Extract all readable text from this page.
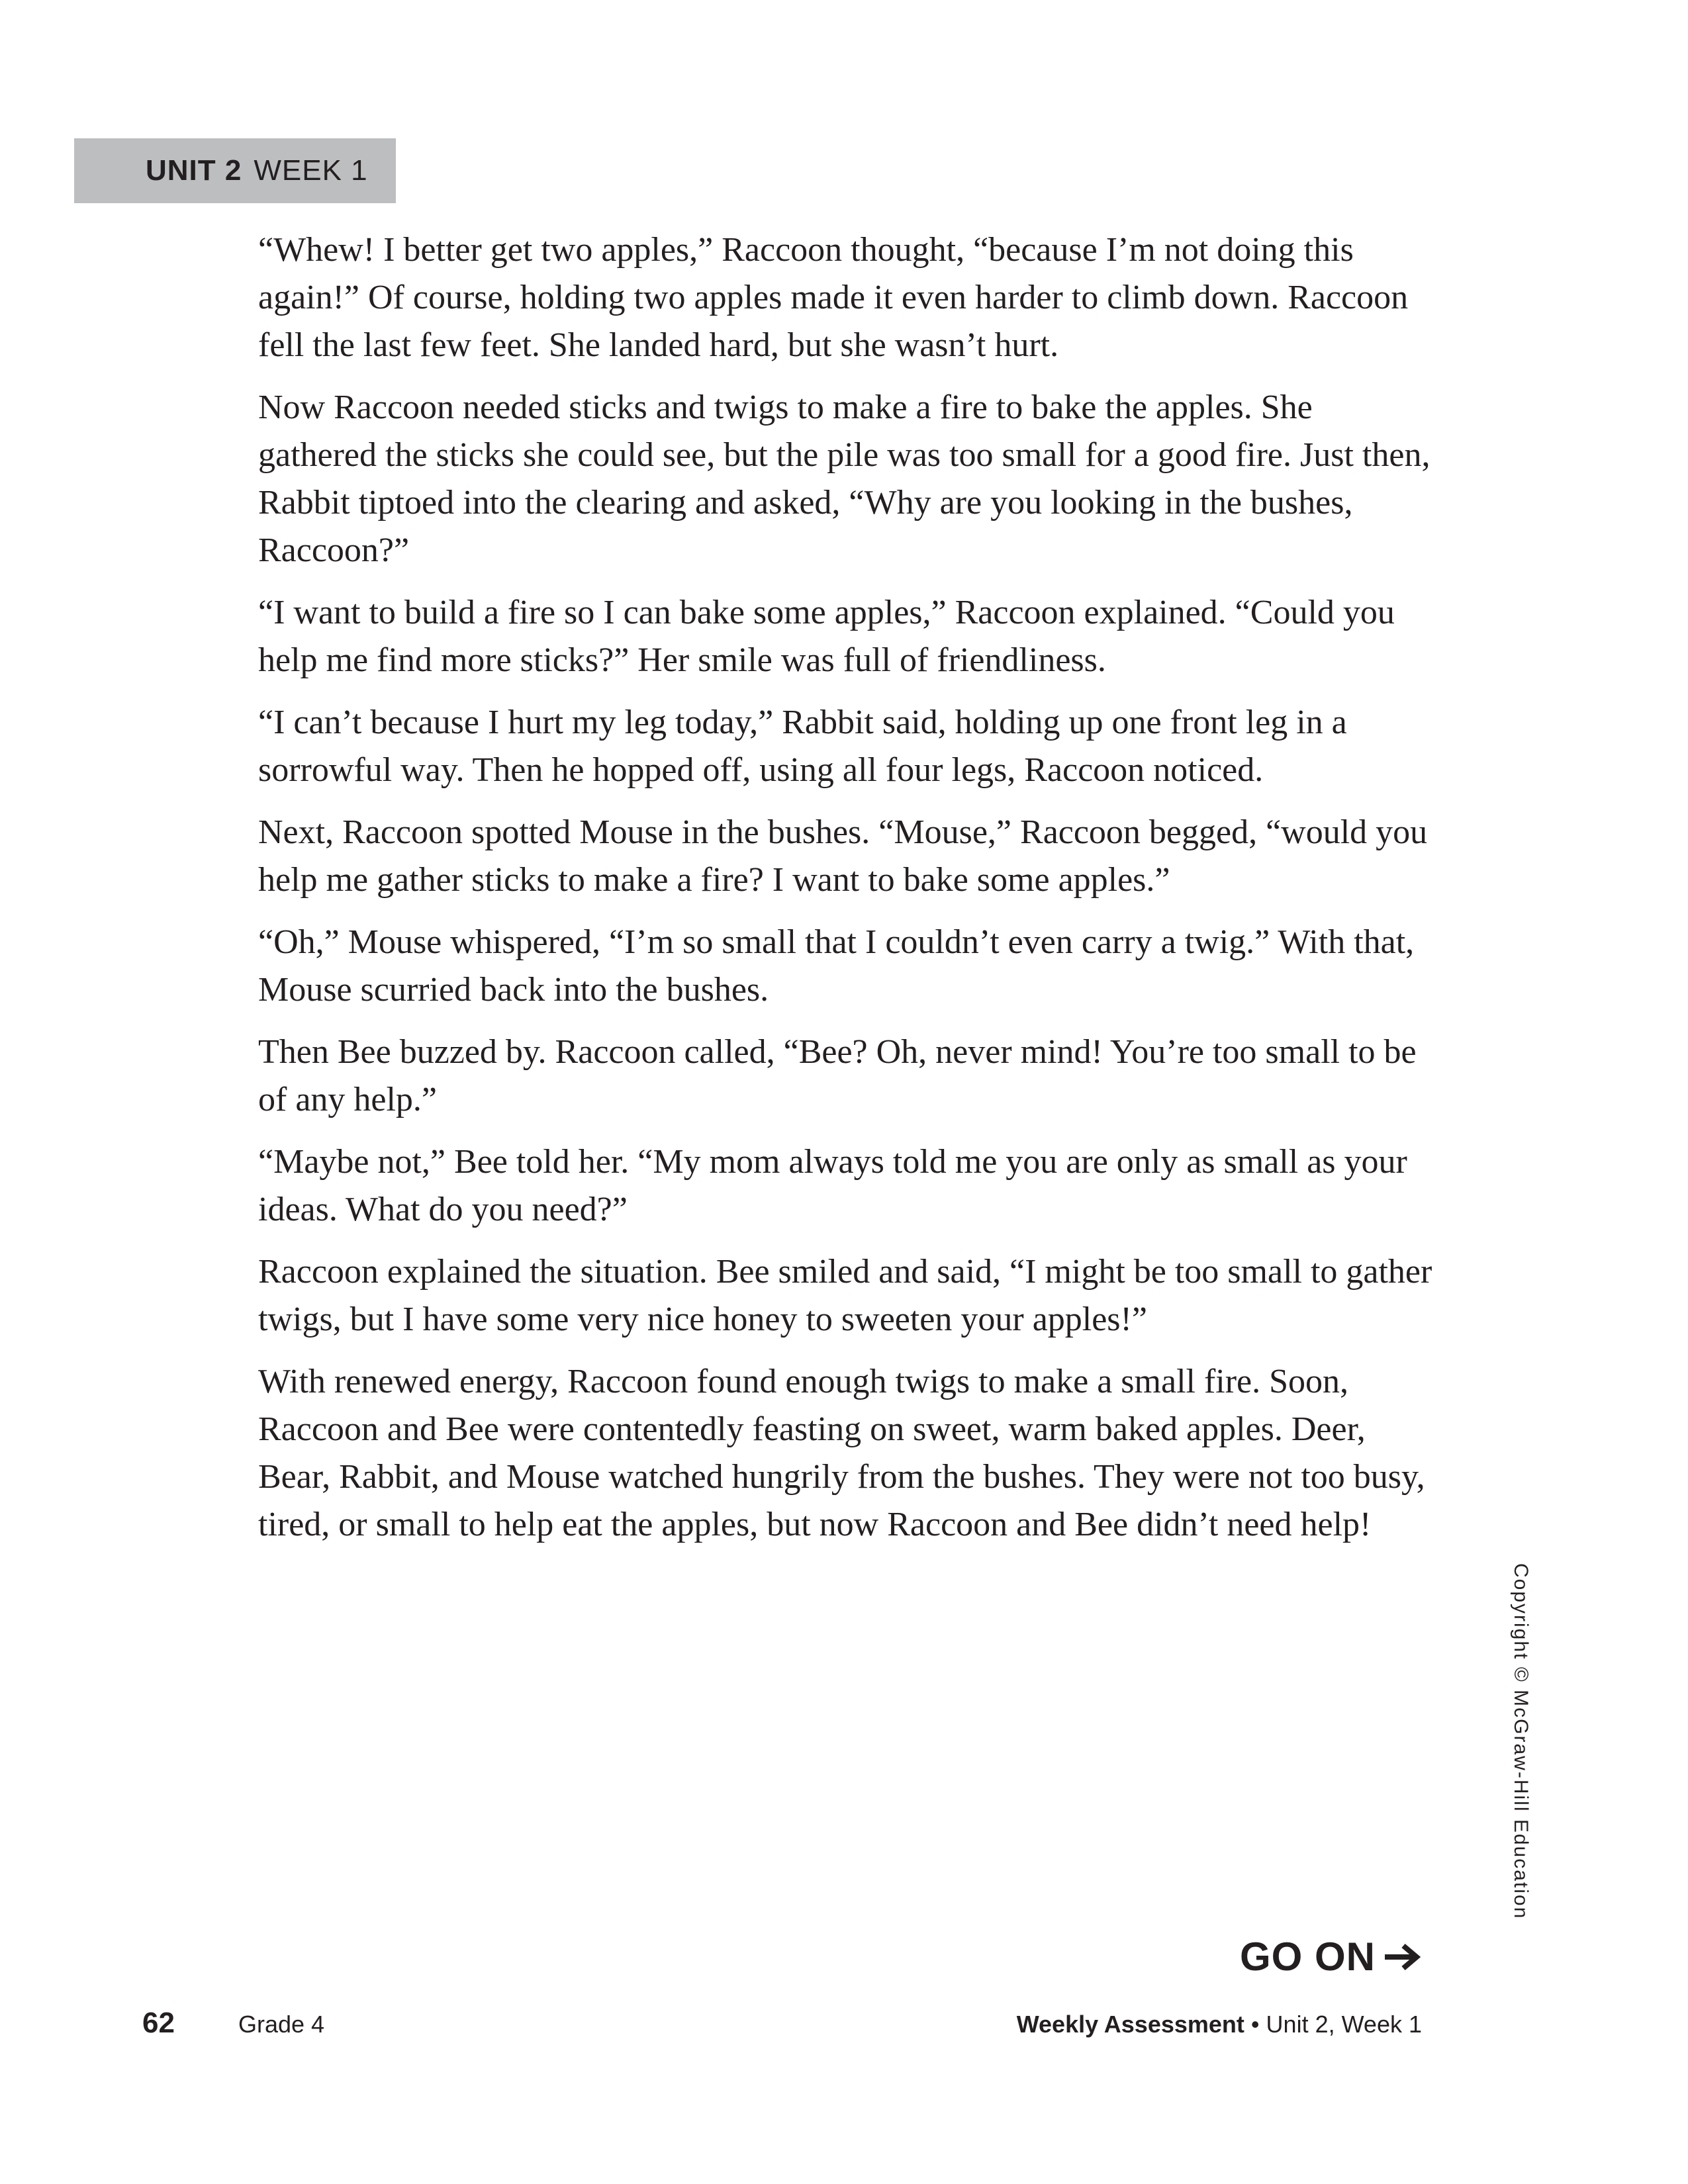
UNIT 2 WEEK 1

“Whew! I better get two apples,” Raccoon thought, “because I’m not doing this again!” Of course, holding two apples made it even harder to climb down. Raccoon fell the last few feet. She landed hard, but she wasn’t hurt.

Now Raccoon needed sticks and twigs to make a fire to bake the apples. She gathered the sticks she could see, but the pile was too small for a good fire. Just then, Rabbit tiptoed into the clearing and asked, “Why are you looking in the bushes, Raccoon?”

“I want to build a fire so I can bake some apples,” Raccoon explained. “Could you help me find more sticks?” Her smile was full of friendliness.

“I can’t because I hurt my leg today,” Rabbit said, holding up one front leg in a sorrowful way. Then he hopped off, using all four legs, Raccoon noticed.

Next, Raccoon spotted Mouse in the bushes. “Mouse,” Raccoon begged, “would you help me gather sticks to make a fire? I want to bake some apples.”

“Oh,” Mouse whispered, “I’m so small that I couldn’t even carry a twig.” With that, Mouse scurried back into the bushes.

Then Bee buzzed by. Raccoon called, “Bee? Oh, never mind! You’re too small to be of any help.”

“Maybe not,” Bee told her. “My mom always told me you are only as small as your ideas. What do you need?”

Raccoon explained the situation. Bee smiled and said, “I might be too small to gather twigs, but I have some very nice honey to sweeten your apples!”

With renewed energy, Raccoon found enough twigs to make a small fire. Soon, Raccoon and Bee were contentedly feasting on sweet, warm baked apples. Deer, Bear, Rabbit, and Mouse watched hungrily from the bushes. They were not too busy, tired, or small to help eat the apples, but now Raccoon and Bee didn’t need help!

Copyright © McGraw-Hill Education
GO ON
62	Grade 4	Weekly Assessment • Unit 2, Week 1
